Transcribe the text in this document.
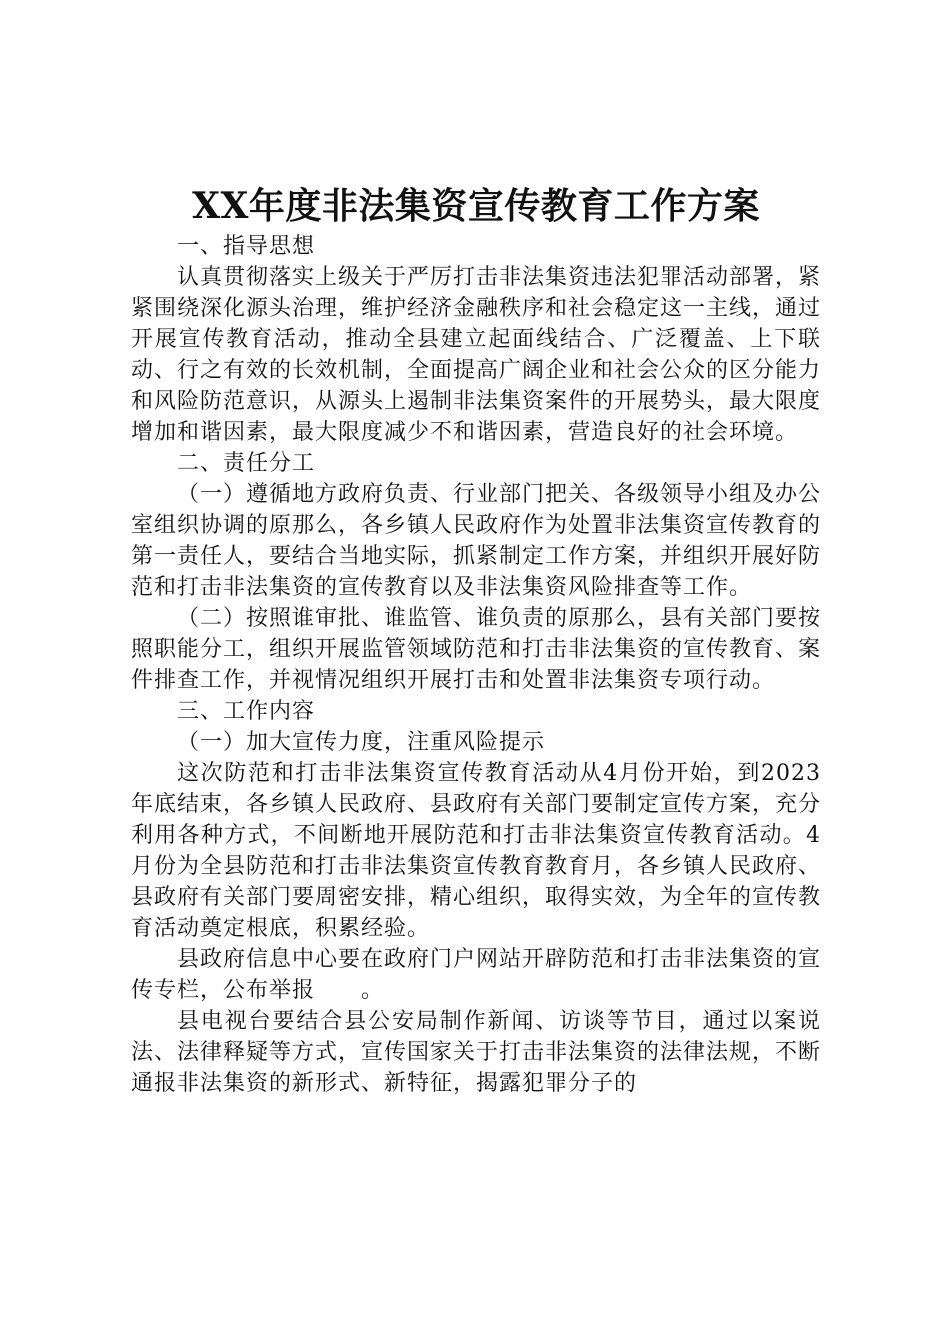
XX年度非法集资宣传教育工作方案

一、指导思想

认真贯彻落实上级关于严厉打击非法集资违法犯罪活动部署，紧紧围绕深化源头治理，维护经济金融秩序和社会稳定这一主线，通过开展宣传教育活动，推动全县建立起面线结合、广泛覆盖、上下联动、行之有效的长效机制，全面提高广阔企业和社会公众的区分能力和风险防范意识，从源头上遏制非法集资案件的开展势头，最大限度增加和谐因素，最大限度减少不和谐因素，营造良好的社会环境。

二、责任分工

（一）遵循地方政府负责、行业部门把关、各级领导小组及办公室组织协调的原那么，各乡镇人民政府作为处置非法集资宣传教育的第一责任人，要结合当地实际，抓紧制定工作方案，并组织开展好防范和打击非法集资的宣传教育以及非法集资风险排查等工作。

（二）按照谁审批、谁监管、谁负责的原那么，县有关部门要按照职能分工，组织开展监管领域防范和打击非法集资的宣传教育、案件排查工作，并视情况组织开展打击和处置非法集资专项行动。

三、工作内容

（一）加大宣传力度，注重风险提示

这次防范和打击非法集资宣传教育活动从4月份开始，到2023年底结束，各乡镇人民政府、县政府有关部门要制定宣传方案，充分利用各种方式，不间断地开展防范和打击非法集资宣传教育活动。4月份为全县防范和打击非法集资宣传教育教育月，各乡镇人民政府、县政府有关部门要周密安排，精心组织，取得实效，为全年的宣传教育活动奠定根底，积累经验。

县政府信息中心要在政府门户网站开辟防范和打击非法集资的宣传专栏，公布举报　　。

县电视台要结合县公安局制作新闻、访谈等节目，通过以案说法、法律释疑等方式，宣传国家关于打击非法集资的法律法规，不断通报非法集资的新形式、新特征，揭露犯罪分子的
